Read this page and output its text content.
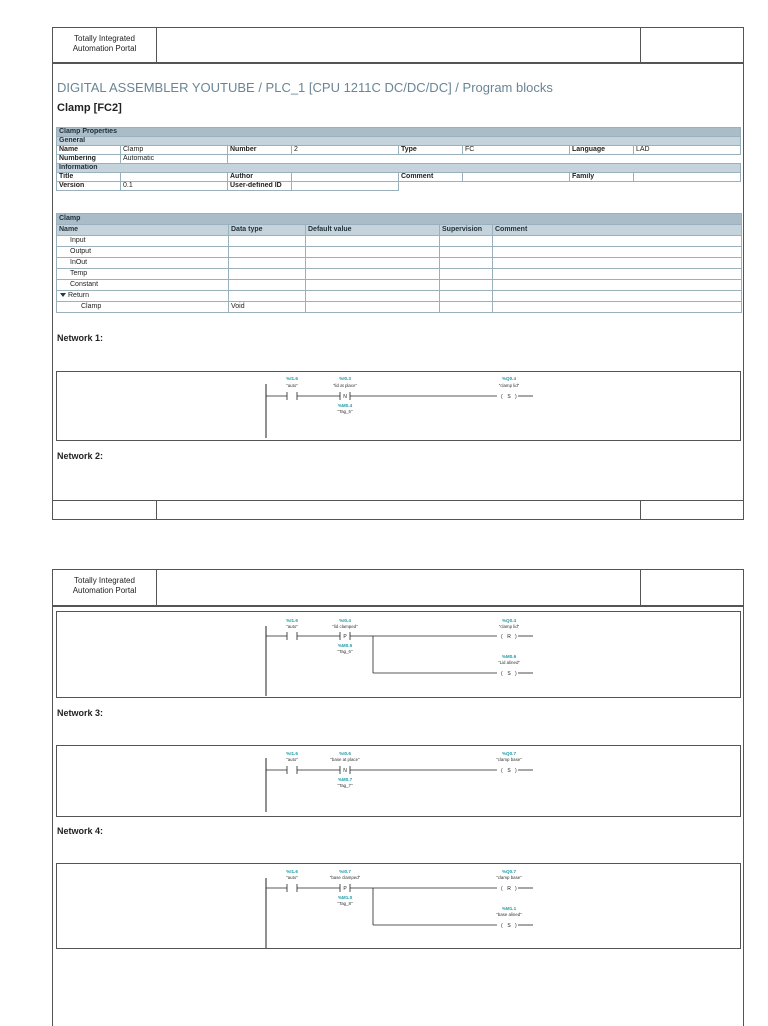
Totally Integrated
Automation Portal
DIGITAL ASSEMBLER YOUTUBE / PLC_1 [CPU 1211C DC/DC/DC] / Program blocks
Clamp [FC2]
Clamp Properties							
General							
Name	Clamp	Number	2	Type	FC	Language	LAD
Numbering	Automatic						
Information							
Title		Author		Comment		Family	
Version	0.1	User-defined ID					
Clamp				
Name	Data type	Default value	Supervision	Comment
Input				
Output				
InOut				
Temp				
Constant				
Return				
Clamp	Void			
Network 1:
%I1.6
"auto"
%I0.3
"lid at place"
N
%M0.4
"Tag_5"
%Q0.4
"clamp lid"
( S )
Network 2:
Totally Integrated
Automation Portal
%I1.6
"auto"
%I0.4
"lid clamped"
P
%M0.5
"Tag_6"
%Q0.4
"clamp lid"
( R )
%M0.6
"Lid alined"
( S )
Network 3:
%I1.6
"auto"
%I0.6
"base at place"
N
%M0.7
"Tag_7"
%Q0.7
"clamp base"
( S )
Network 4:
%I1.6
"auto"
%I0.7
"base clamped"
P
%M1.0
"Tag_8"
%Q0.7
"clamp base"
( R )
%M1.1
"base alined"
( S )
